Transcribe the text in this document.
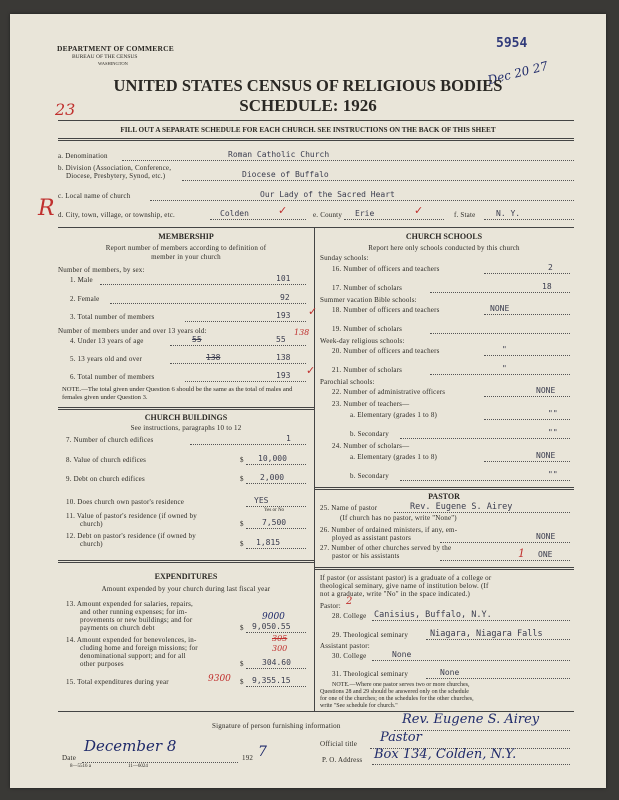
DEPARTMENT OF COMMERCE
BUREAU OF THE CENSUS
WASHINGTON
5954
Dec 20 27
UNITED STATES CENSUS OF RELIGIOUS BODIES
SCHEDULE: 1926
23
FILL OUT A SEPARATE SCHEDULE FOR EACH CHURCH. SEE INSTRUCTIONS ON THE BACK OF THIS SHEET
a. Denomination	Roman Catholic Church
b. Division (Association, Conference,
Diocese, Presbytery, Synod, etc.)	Diocese of Buffalo
c. Local name of church	Our Lady of the Sacred Heart
R d. City, town, village, or township, etc.	Colden	✓	e. County Erie	✓	f. State	N. Y.
MEMBERSHIP
Report number of members according to definition of
member in your church
Number of members, by sex:
1. Male	101
2. Female	92
3. Total number of members	193 ✓
Number of members under and over 13 years old:
4. Under 13 years of age	55	55
138
5. 13 years old and over	138	138
6. Total number of members	193 ✓
NOTE.—The total given under Question 6 should be the same as the total of males and females given under Question 3.
CHURCH BUILDINGS
See instructions, paragraphs 10 to 12
7. Number of church edifices	1
8. Value of church edifices	$ 10,000
9. Debt on church edifices	$ 2,000
10. Does church own pastor's residence	YES
Yes or No
11. Value of pastor's residence (if owned by
church)	$ 7,500
12. Debt on pastor's residence (if owned by
church)	$ 1,815
EXPENDITURES
Amount expended by your church during last fiscal year
13. Amount expended for salaries, repairs,
and other running expenses; for im-
provements or new buildings; and for
payments on church debt
9000
$ 9,050.55
14. Amount expended for benevolences, in-
cluding home and foreign missions; for
denominational support; and for all
other purposes
305
300
$ 304.60
15. Total expenditures during year	9300 $ 9,355.15
CHURCH SCHOOLS
Report here only schools conducted by this church
Sunday schools:
16. Number of officers and teachers	2
17. Number of scholars	18
Summer vacation Bible schools:
18. Number of officers and teachers	NONE
19. Number of scholars
Week-day religious schools:
20. Number of officers and teachers	"
21. Number of scholars	"
Parochial schools:
22. Number of administrative officers	NONE
23. Number of teachers—
a. Elementary (grades 1 to 8)	""
b. Secondary	""
24. Number of scholars—
a. Elementary (grades 1 to 8)	NONE
b. Secondary	""
PASTOR
25. Name of pastor	Rev. Eugene S. Airey
(If church has no pastor, write "None")
26. Number of ordained ministers, if any, em-
ployed as assistant pastors	NONE
27. Number of other churches served by the
pastor or his assistants	1 ONE
If pastor (or assistant pastor) is a graduate of a college or
theological seminary, give name of institution below. (If
not a graduate, write "No" in the space indicated.)
Pastor: 2
28. College Canisius, Buffalo, N.Y.
29. Theological seminary	Niagara, Niagara Falls
Assistant pastor:
30. College	None
31. Theological seminary	None
NOTE.—Where one pastor serves two or more churches,
Questions 28 and 29 should be answered only on the schedule
for one of the churches; on the schedules for the other churches,
write "See schedule for church."
Signature of person furnishing information	Rev. Eugene S. Airey
Official title Pastor
Date
December 8
192 7	P. O. Address Box 134, Colden, N.Y.
8—5516 a	11—6024
